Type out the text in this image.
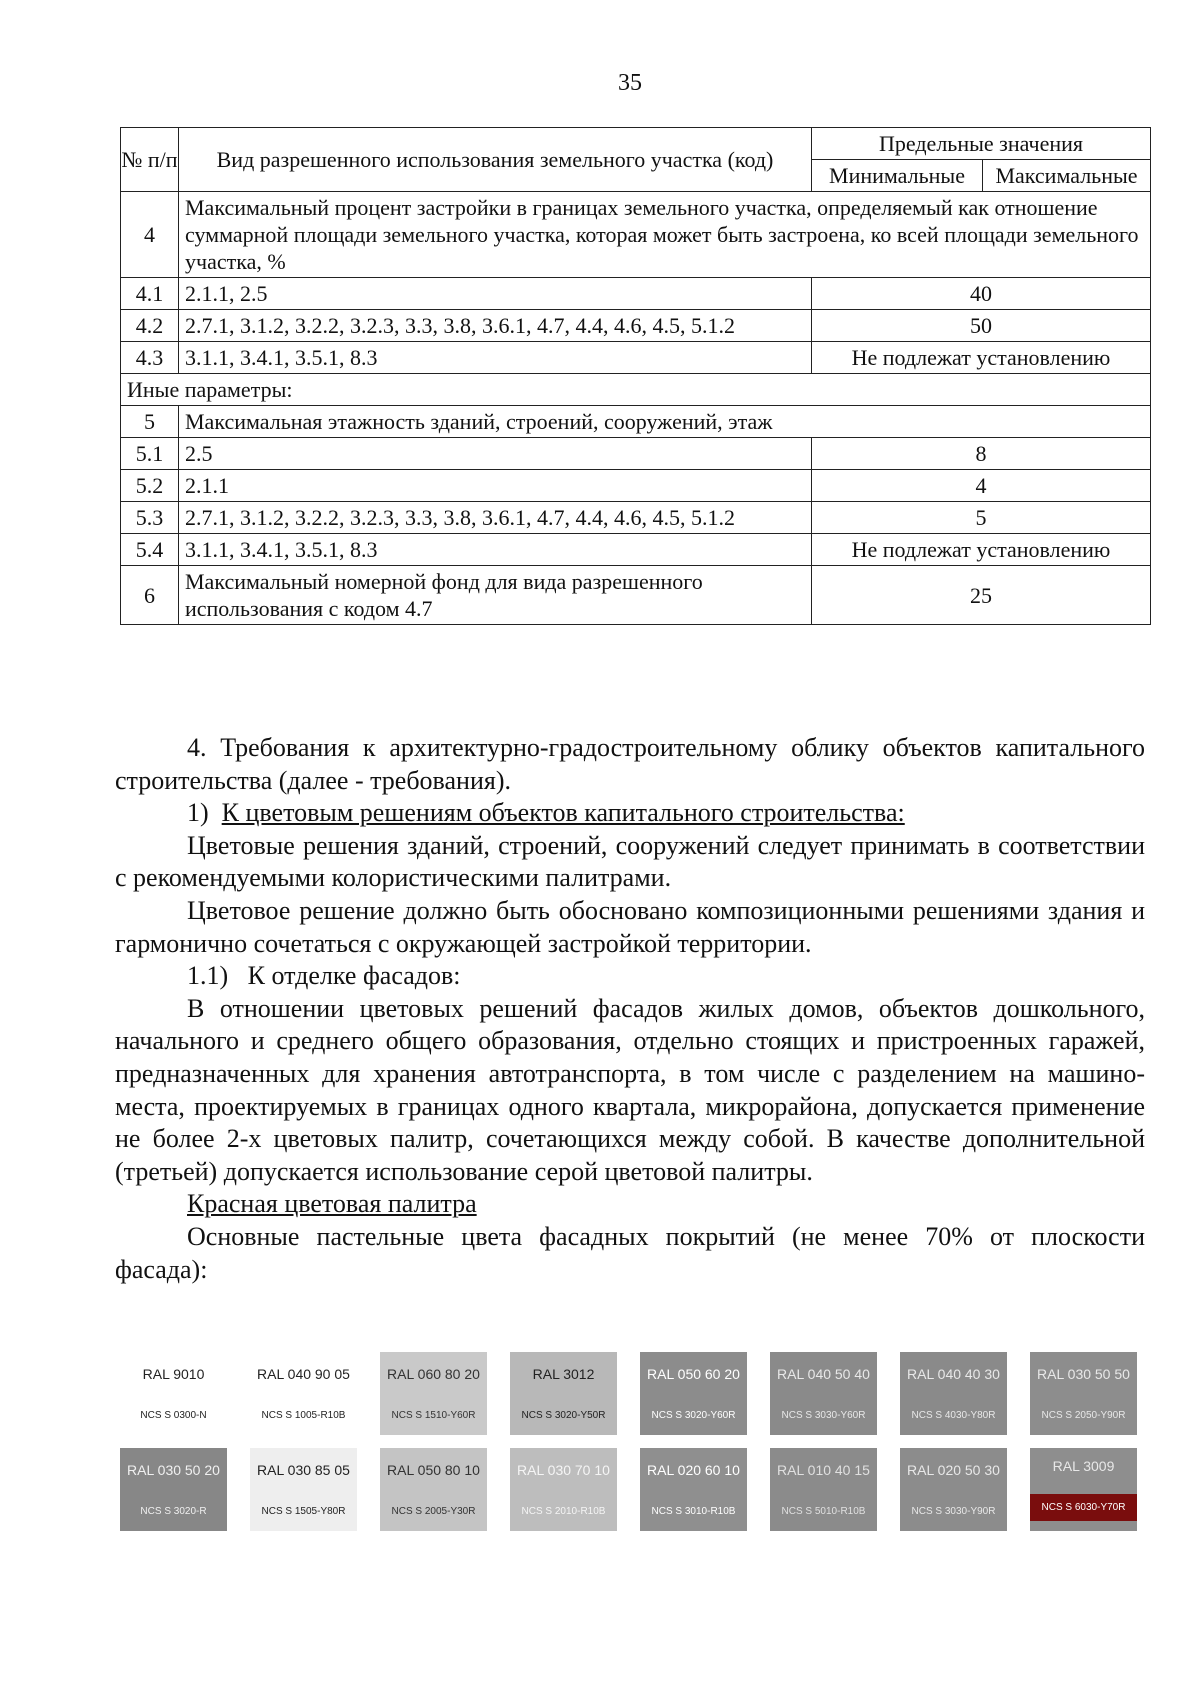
35
№ п/п	Вид разрешенного использования земельного участка (код)	Предельные значения	
		Минимальные	Максимальные
4	Максимальный процент застройки в границах земельного участка, определяемый как отношение суммарной площади земельного участка, которая может быть застроена, ко всей площади земельного участка, %		
4.1	2.1.1, 2.5	40	
4.2	2.7.1, 3.1.2, 3.2.2, 3.2.3, 3.3, 3.8, 3.6.1, 4.7, 4.4, 4.6, 4.5, 5.1.2	50	
4.3	3.1.1, 3.4.1, 3.5.1, 8.3	Не подлежат установлению	
Иные параметры:			
5	Максимальная этажность зданий, строений, сооружений, этаж		
5.1	2.5	8	
5.2	2.1.1	4	
5.3	2.7.1, 3.1.2, 3.2.2, 3.2.3, 3.3, 3.8, 3.6.1, 4.7, 4.4, 4.6, 4.5, 5.1.2	5	
5.4	3.1.1, 3.4.1, 3.5.1, 8.3	Не подлежат установлению	
6	Максимальный номерной фонд для вида разрешенного использования с кодом 4.7	25	

4. Требования к архитектурно-градостроительному облику объектов капитального строительства (далее - требования).

1) К цветовым решениям объектов капитального строительства:

Цветовые решения зданий, строений, сооружений следует принимать в соответствии с рекомендуемыми колористическими палитрами.

Цветовое решение должно быть обосновано композиционными решениями здания и гармонично сочетаться с окружающей застройкой территории.

1.1)   К отделке фасадов:

В отношении цветовых решений фасадов жилых домов, объектов дошкольного, начального и среднего общего образования, отдельно стоящих и пристроенных гаражей, предназначенных для хранения автотранспорта, в том числе с разделением на машино-места, проектируемых в границах одного квартала, микрорайона, допускается применение не более 2-х цветовых палитр, сочетающихся между собой. В качестве дополнительной (третьей) допускается использование серой цветовой палитры.

Красная цветовая палитра

Основные пастельные цвета фасадных покрытий (не менее 70% от плоскости фасада):

RAL 9010
NCS S 0300-N
RAL 040 90 05
NCS S 1005-R10B
RAL 060 80 20
NCS S 1510-Y60R
RAL 3012
NCS S 3020-Y50R
RAL 050 60 20
NCS S 3020-Y60R
RAL 040 50 40
NCS S 3030-Y60R
RAL 040 40 30
NCS S 4030-Y80R
RAL 030 50 50
NCS S 2050-Y90R
RAL 030 50 20
NCS S 3020-R
RAL 030 85 05
NCS S 1505-Y80R
RAL 050 80 10
NCS S 2005-Y30R
RAL 030 70 10
NCS S 2010-R10B
RAL 020 60 10
NCS S 3010-R10B
RAL 010 40 15
NCS S 5010-R10B
RAL 020 50 30
NCS S 3030-Y90R
RAL 3009
NCS S 6030-Y70R
